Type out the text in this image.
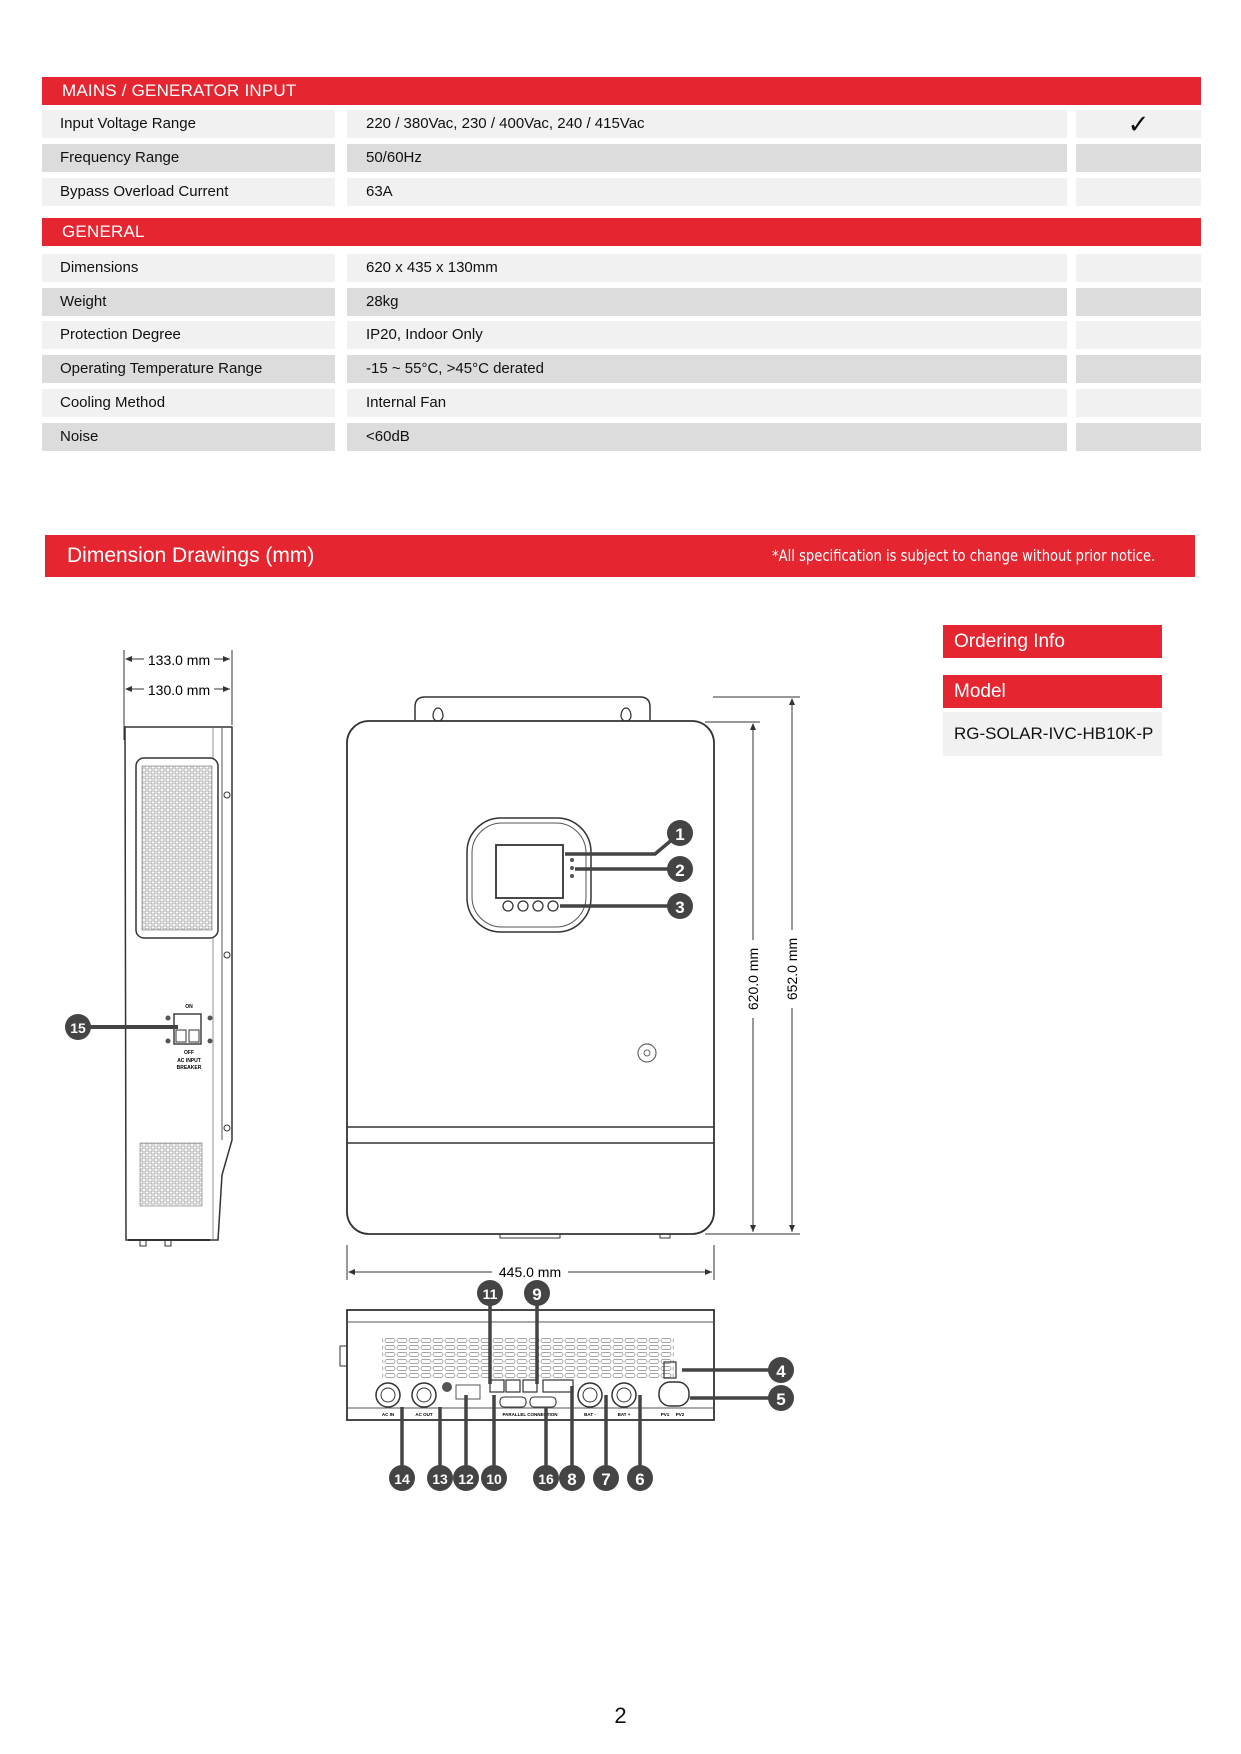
MAINS / GENERATOR INPUT
Input Voltage Range	220 / 380Vac, 230 / 400Vac, 240 / 415Vac	✓
Frequency Range	50/60Hz
Bypass Overload Current	63A
GENERAL
Dimensions	620 x 435 x 130mm
Weight	28kg
Protection Degree	IP20, Indoor Only
Operating Temperature Range	-15 ~ 55°C, >45°C derated
Cooling Method	Internal Fan
Noise	<60dB
Dimension Drawings (mm)	*All specification is subject to change without prior notice.
Ordering Info
Model
RG-SOLAR-IVC-HB10K-P
133.0 mm
130.0 mm
ON
OFF
AC INPUT
BREAKER
620.0 mm 652.0 mm
445.0 mm
AC IN	AC OUT	PARALLEL CONNECTION	BAT -	BAT +	PV1 PV2
1
2
3
4
5
6
7
8
9
10
11
12
13
14
15
16
2
